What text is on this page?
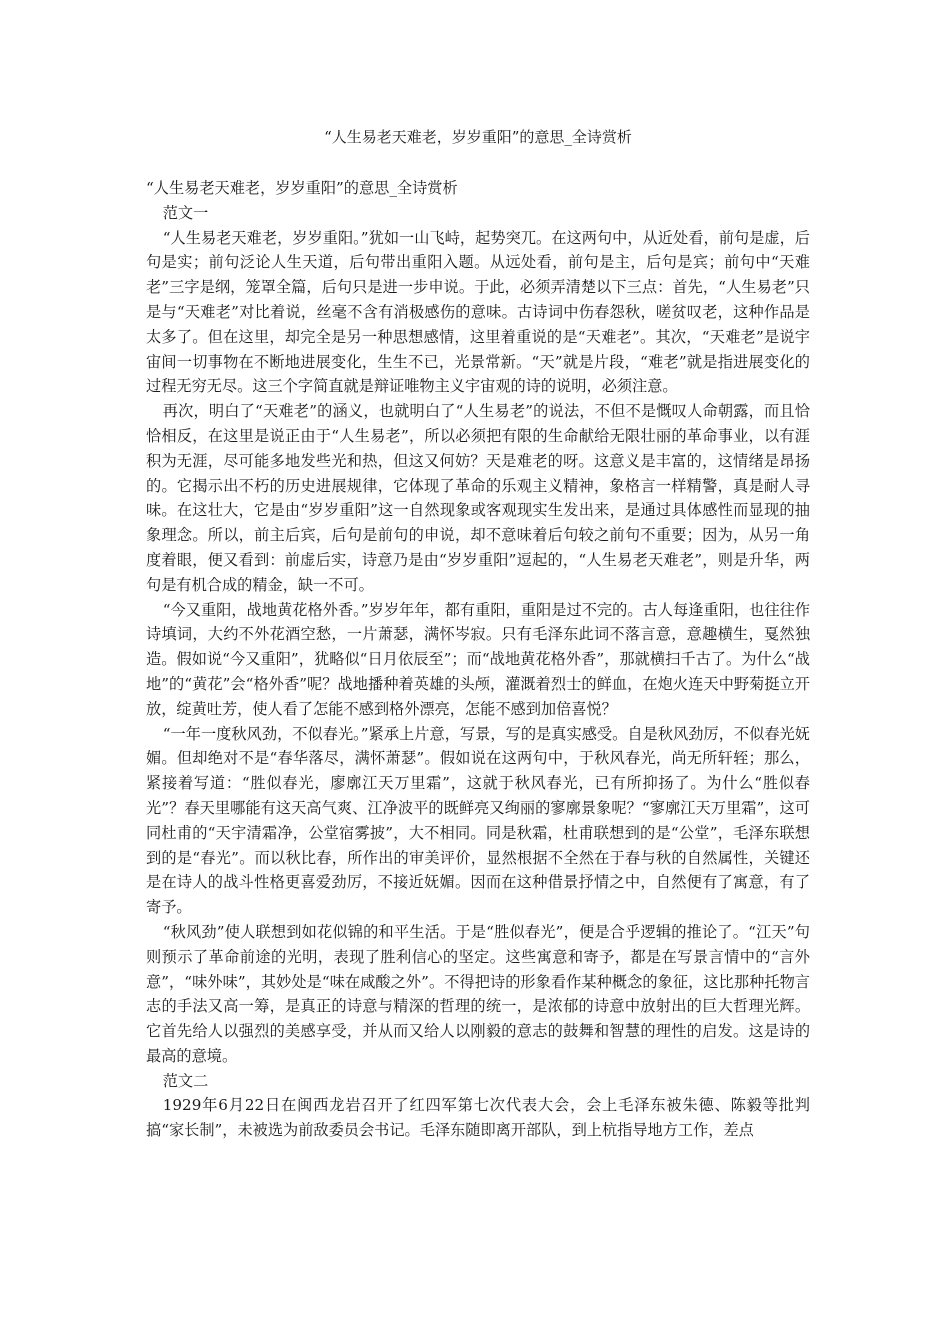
“人生易老天难老，岁岁重阳”的意思_全诗赏析

“人生易老天难老，岁岁重阳”的意思_全诗赏析

范文一

“人生易老天难老，岁岁重阳。”犹如一山飞峙，起势突兀。在这两句中，从近处看，前句是虚，后句是实；前句泛论人生天道，后句带出重阳入题。从远处看，前句是主，后句是宾；前句中“天难老”三字是纲，笼罩全篇，后句只是进一步申说。于此，必须弄清楚以下三点：首先，“人生易老”只是与“天难老”对比着说，丝毫不含有消极感伤的意味。古诗词中伤春怨秋，嗟贫叹老，这种作品是太多了。但在这里，却完全是另一种思想感情，这里着重说的是“天难老”。其次，“天难老”是说宇宙间一切事物在不断地进展变化，生生不已，光景常新。“天”就是片段，“难老”就是指进展变化的过程无穷无尽。这三个字简直就是辩证唯物主义宇宙观的诗的说明，必须注意。

再次，明白了“天难老”的涵义，也就明白了“人生易老”的说法，不但不是慨叹人命朝露，而且恰恰相反，在这里是说正由于“人生易老”，所以必须把有限的生命献给无限壮丽的革命事业，以有涯积为无涯，尽可能多地发些光和热，但这又何妨？天是难老的呀。这意义是丰富的，这情绪是昂扬的。它揭示出不朽的历史进展规律，它体现了革命的乐观主义精神，象格言一样精警，真是耐人寻味。在这壮大，它是由“岁岁重阳”这一自然现象或客观现实生发出来，是通过具体感性而显现的抽象理念。所以，前主后宾，后句是前句的申说，却不意味着后句较之前句不重要；因为，从另一角度着眼，便又看到：前虚后实，诗意乃是由“岁岁重阳”逗起的，“人生易老天难老”，则是升华，两句是有机合成的精金，缺一不可。

“今又重阳，战地黄花格外香。”岁岁年年，都有重阳，重阳是过不完的。古人每逢重阳，也往往作诗填词，大约不外花酒空愁，一片萧瑟，满怀岑寂。只有毛泽东此词不落言意，意趣横生，戛然独造。假如说“今又重阳”，犹略似“日月依辰至”；而“战地黄花格外香”，那就横扫千古了。为什么“战地”的“黄花”会“格外香”呢？战地播种着英雄的头颅，灌溉着烈士的鲜血，在炮火连天中野菊挺立开放，绽黄吐芳，使人看了怎能不感到格外漂亮，怎能不感到加倍喜悦？

“一年一度秋风劲，不似春光。”紧承上片意，写景，写的是真实感受。自是秋风劲厉，不似春光妩媚。但却绝对不是“春华落尽，满怀萧瑟”。假如说在这两句中，于秋风春光，尚无所轩轾；那么，紧接着写道：“胜似春光，廖廓江天万里霜”，这就于秋风春光，已有所抑扬了。为什么“胜似春光”？春天里哪能有这天高气爽、江净波平的既鲜亮又绚丽的寥廓景象呢？“寥廓江天万里霜”，这可同杜甫的“天宇清霜净，公堂宿雾披”，大不相同。同是秋霜，杜甫联想到的是“公堂”，毛泽东联想到的是“春光”。而以秋比春，所作出的审美评价，显然根据不全然在于春与秋的自然属性，关键还是在诗人的战斗性格更喜爱劲厉，不接近妩媚。因而在这种借景抒情之中，自然便有了寓意，有了寄予。

“秋风劲”使人联想到如花似锦的和平生活。于是“胜似春光”，便是合乎逻辑的推论了。“江天”句则预示了革命前途的光明，表现了胜利信心的坚定。这些寓意和寄予，都是在写景言情中的“言外意”，“味外味”，其妙处是“味在咸酸之外”。不得把诗的形象看作某种概念的象征，这比那种托物言志的手法又高一筹，是真正的诗意与精深的哲理的统一，是浓郁的诗意中放射出的巨大哲理光辉。它首先给人以强烈的美感享受，并从而又给人以刚毅的意志的鼓舞和智慧的理性的启发。这是诗的最高的意境。

范文二

1929年6月22日在闽西龙岩召开了红四军第七次代表大会，会上毛泽东被朱德、陈毅等批判搞“家长制”，未被选为前敌委员会书记。毛泽东随即离开部队，到上杭指导地方工作，差点
